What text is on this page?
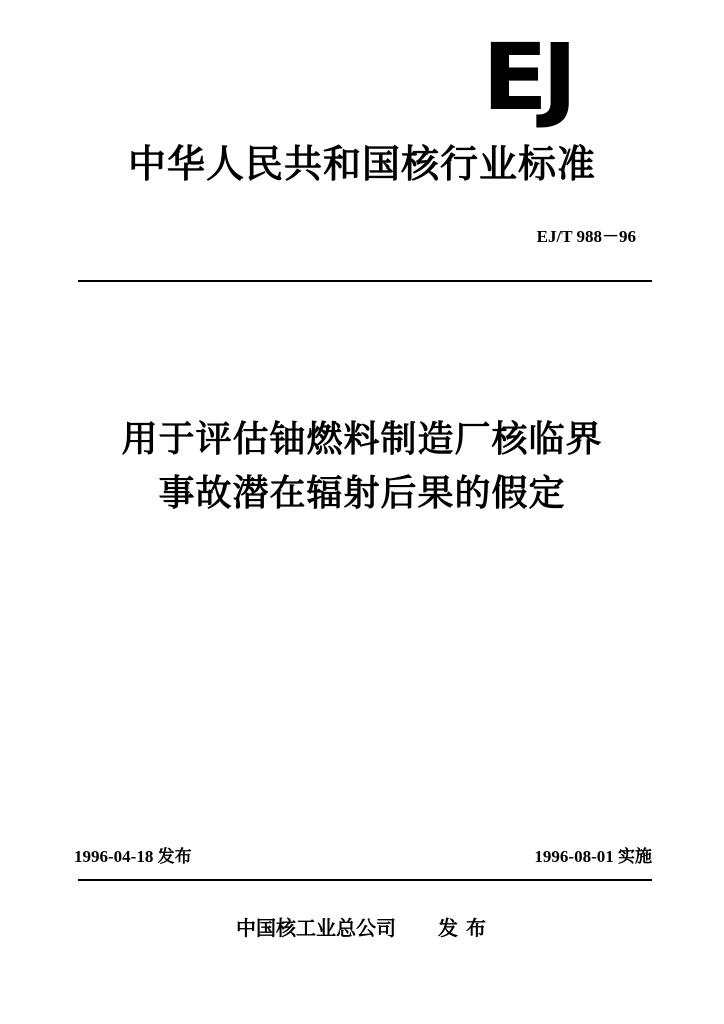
EJ
中华人民共和国核行业标准
EJ/T 988－96
用于评估铀燃料制造厂核临界
事故潜在辐射后果的假定
1996-04-18 发布	1996-08-01 实施
中国核工业总公司 发布
